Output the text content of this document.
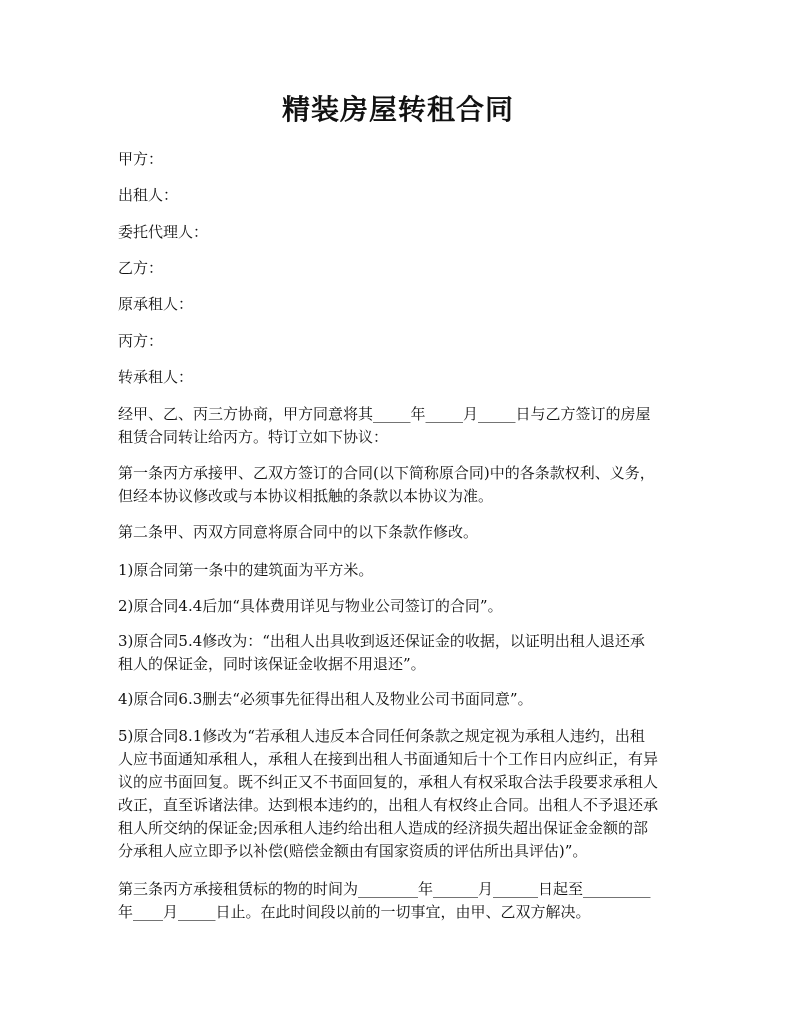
精装房屋转租合同
甲方：
出租人：
委托代理人：
乙方：
原承租人：
丙方：
转承租人：
经甲、乙、丙三方协商，甲方同意将其_____年_____月_____日与乙方签订的房屋
租赁合同转让给丙方。特订立如下协议：
第一条丙方承接甲、乙双方签订的合同(以下简称原合同)中的各条款权利、义务，
但经本协议修改或与本协议相抵触的条款以本协议为准。
第二条甲、丙双方同意将原合同中的以下条款作修改。
1)原合同第一条中的建筑面为平方米。
2)原合同4.4后加“具体费用详见与物业公司签订的合同”。
3)原合同5.4修改为：“出租人出具收到返还保证金的收据，以证明出租人退还承
租人的保证金，同时该保证金收据不用退还”。
4)原合同6.3删去“必须事先征得出租人及物业公司书面同意”。
5)原合同8.1修改为“若承租人违反本合同任何条款之规定视为承租人违约，出租
人应书面通知承租人，承租人在接到出租人书面通知后十个工作日内应纠正，有异
议的应书面回复。既不纠正又不书面回复的，承租人有权采取合法手段要求承租人
改正，直至诉诸法律。达到根本违约的，出租人有权终止合同。出租人不予退还承
租人所交纳的保证金;因承租人违约给出租人造成的经济损失超出保证金金额的部
分承租人应立即予以补偿(赔偿金额由有国家资质的评估所出具评估)”。
第三条丙方承接租赁标的物的时间为________年______月______日起至_________
年____月_____日止。在此时间段以前的一切事宜，由甲、乙双方解决。
